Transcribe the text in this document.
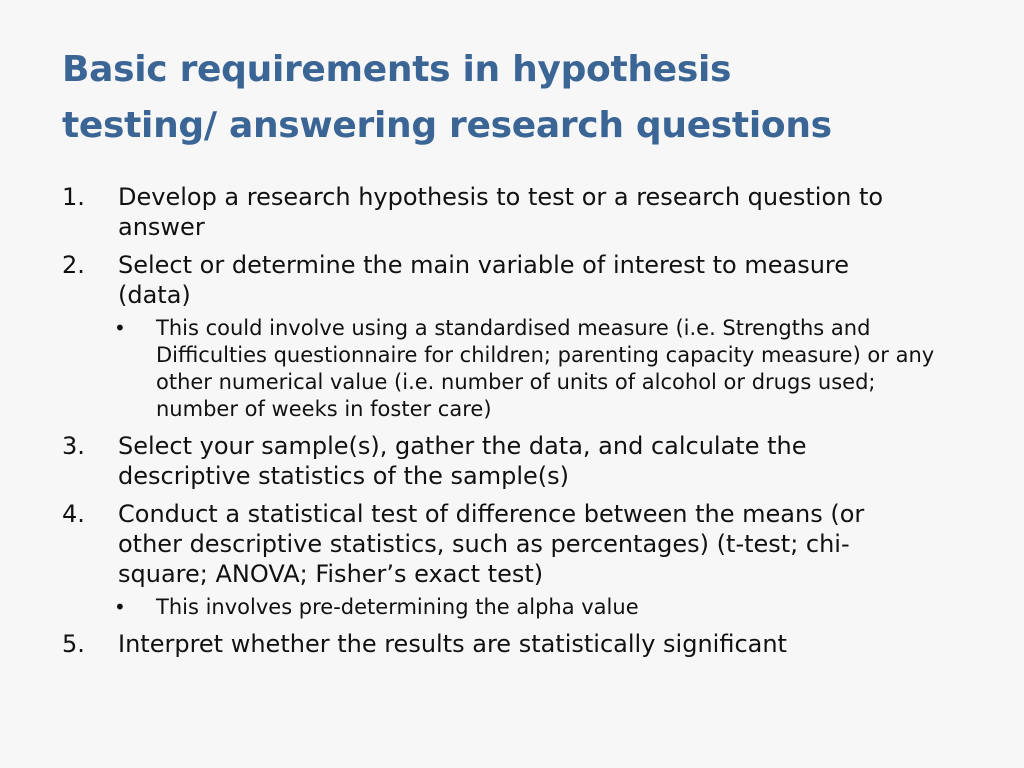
Basic requirements in hypothesis testing/ answering research questions
1.	Develop a research hypothesis to test or a research question to answer
2.	Select or determine the main variable of interest to measure (data)
•	This could involve using a standardised measure (i.e. Strengths and Difficulties questionnaire for children; parenting capacity measure) or any other numerical value (i.e. number of units of alcohol or drugs used; number of weeks in foster care)
3.	Select your sample(s), gather the data, and calculate the descriptive statistics of the sample(s)
4.	Conduct a statistical test of difference between the means (or other descriptive statistics, such as percentages) (t-test; chi-square; ANOVA; Fisher’s exact test)
•	This involves pre-determining the alpha value
5.	Interpret whether the results are statistically significant
